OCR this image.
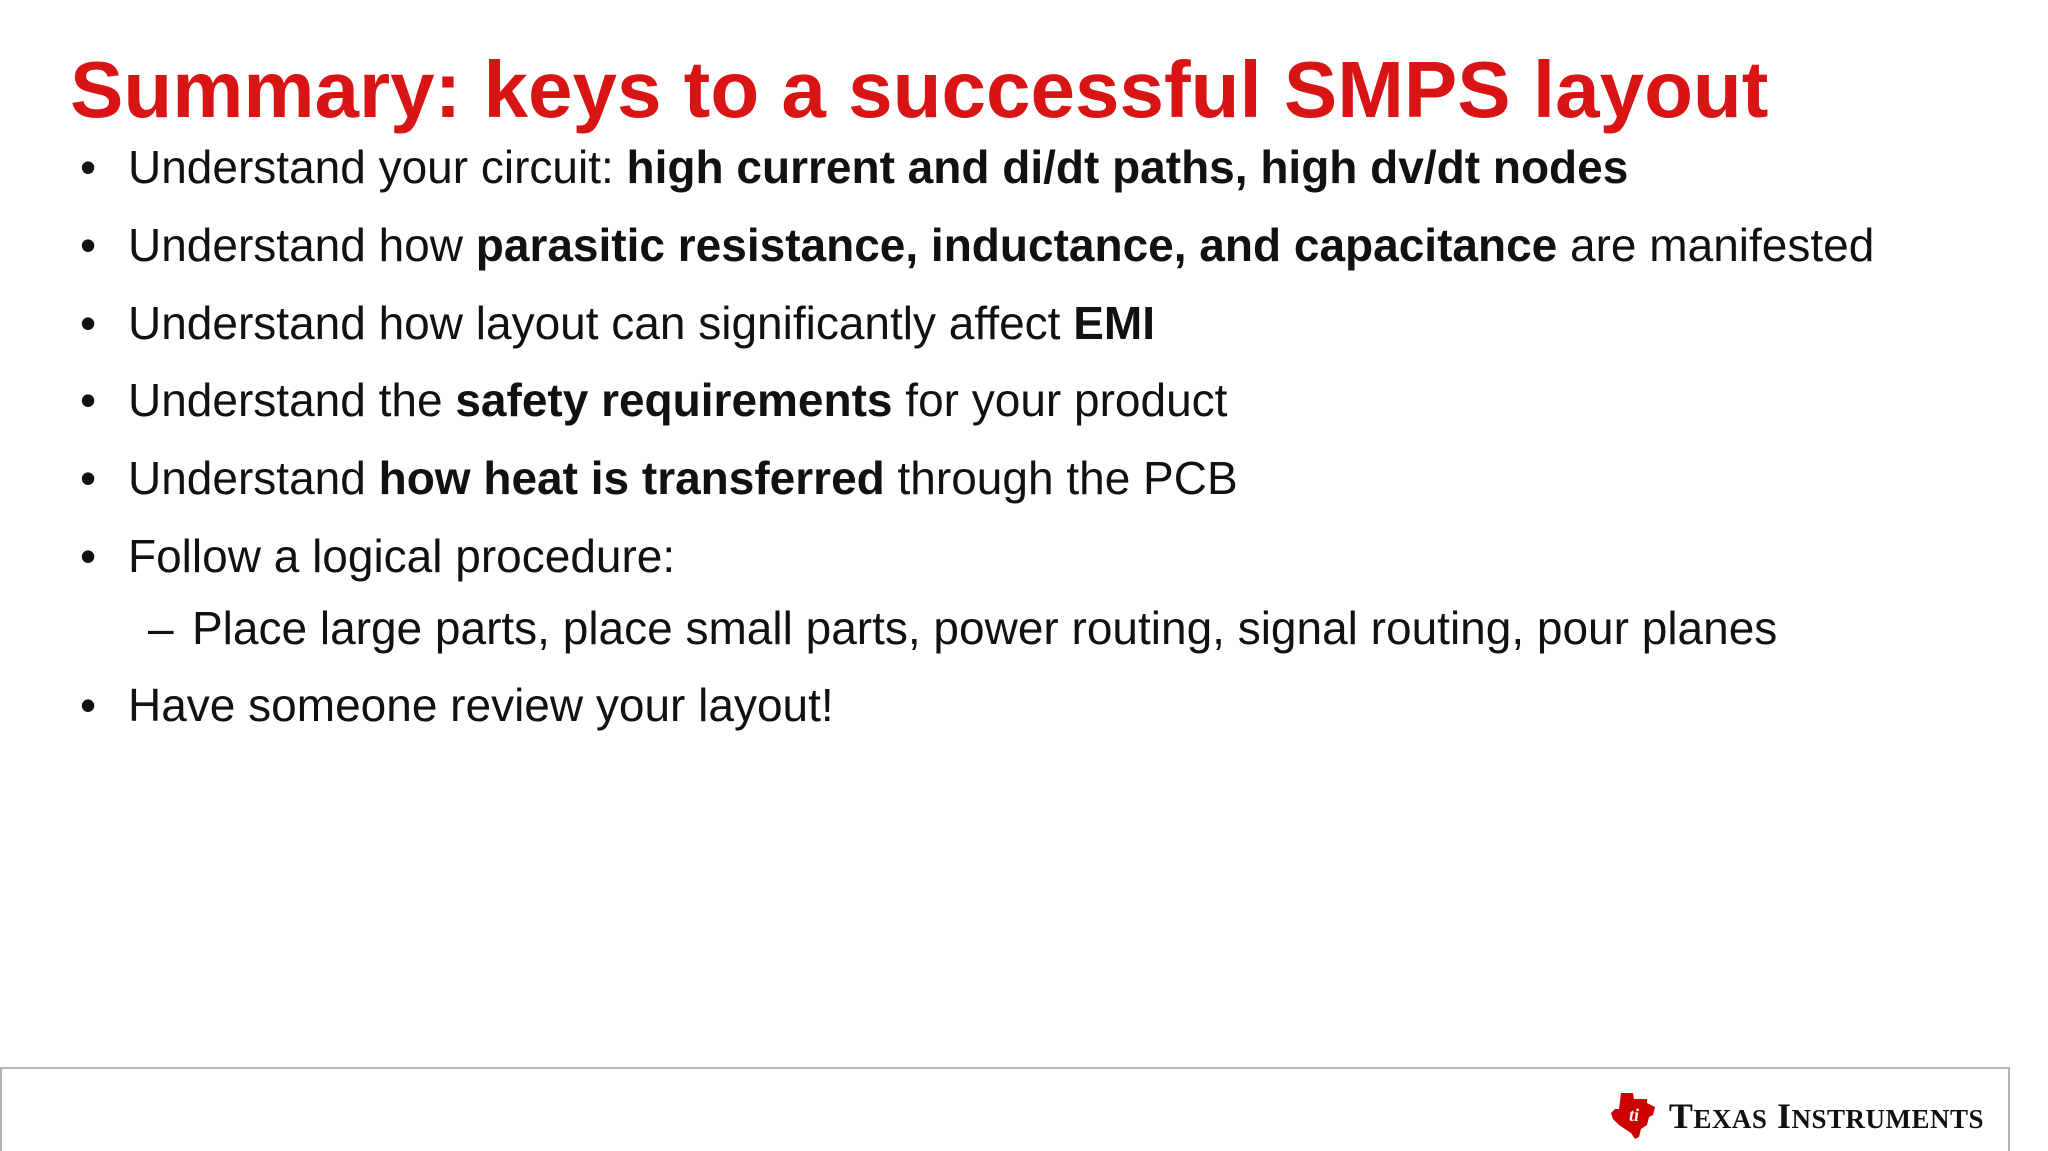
Summary: keys to a successful SMPS layout
• Understand your circuit: high current and di/dt paths, high dv/dt nodes
• Understand how parasitic resistance, inductance, and capacitance are manifested
• Understand how layout can significantly affect EMI
• Understand the safety requirements for your product
• Understand how heat is transferred through the PCB
• Follow a logical procedure:
– Place large parts, place small parts, power routing, signal routing, pour planes
• Have someone review your layout!
ti TEXAS INSTRUMENTS
